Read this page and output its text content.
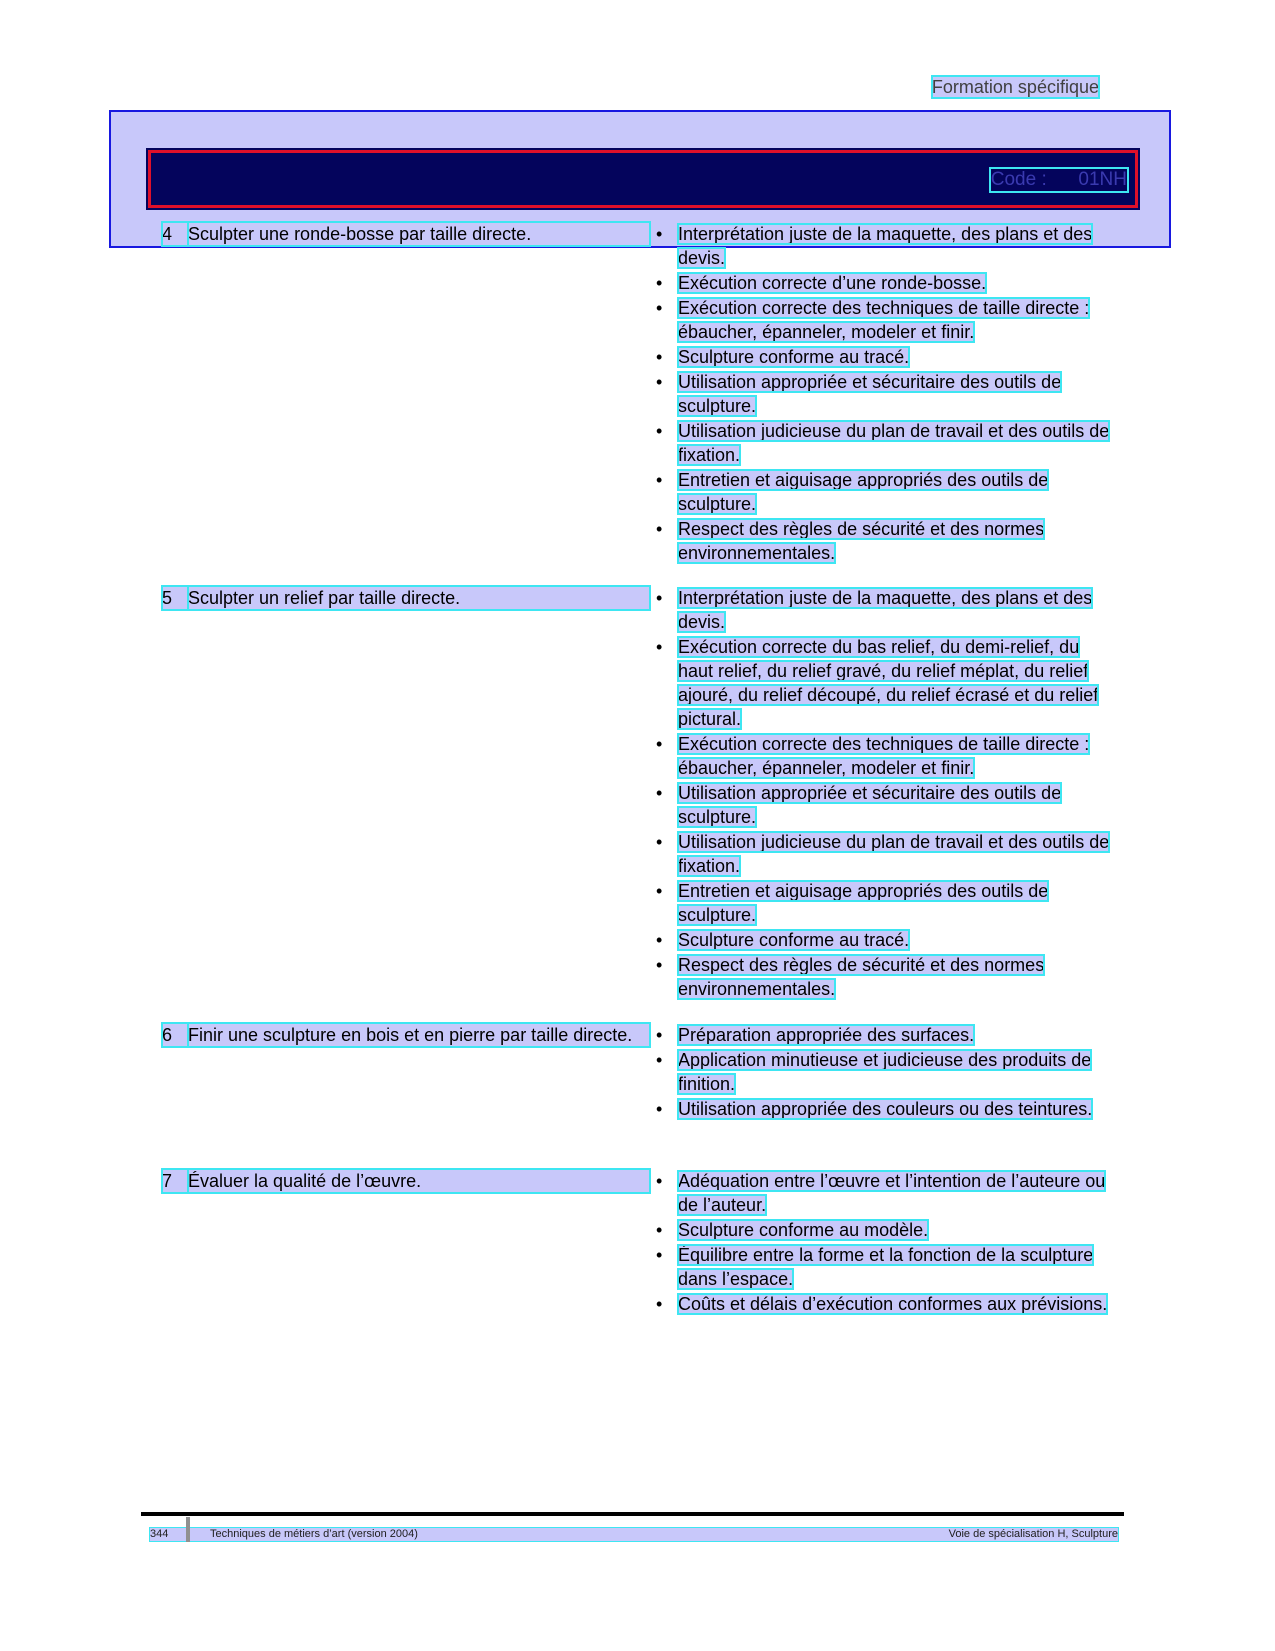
Formation spécifique
Code :      01NH
4 Sculpter une ronde-bosse par taille directe.	• Interprétation juste de la maquette, des plans et des devis.
• Exécution correcte d’une ronde-bosse.
• Exécution correcte des techniques de taille directe : ébaucher, épanneler, modeler et finir.
• Sculpture conforme au tracé.
• Utilisation appropriée et sécuritaire des outils de sculpture.
• Utilisation judicieuse du plan de travail et des outils de fixation.
• Entretien et aiguisage appropriés des outils de sculpture.
• Respect des règles de sécurité et des normes environnementales.
5 Sculpter un relief par taille directe.	• Interprétation juste de la maquette, des plans et des devis.
• Exécution correcte du bas relief, du demi-relief, du haut relief, du relief gravé, du relief méplat, du relief ajouré, du relief découpé, du relief écrasé et du relief pictural.
• Exécution correcte des techniques de taille directe : ébaucher, épanneler, modeler et finir.
• Utilisation appropriée et sécuritaire des outils de sculpture.
• Utilisation judicieuse du plan de travail et des outils de fixation.
• Entretien et aiguisage appropriés des outils de sculpture.
• Sculpture conforme au tracé.
• Respect des règles de sécurité et des normes environnementales.
6 Finir une sculpture en bois et en pierre par taille directe.	• Préparation appropriée des surfaces.
• Application minutieuse et judicieuse des produits de finition.
• Utilisation appropriée des couleurs ou des teintures.
7 Évaluer la qualité de l’œuvre.	• Adéquation entre l’œuvre et l’intention de l’auteure ou de l’auteur.
• Sculpture conforme au modèle.
• Équilibre entre la forme et la fonction de la sculpture dans l’espace.
• Coûts et délais d’exécution conformes aux prévisions.
344	Techniques de métiers d’art (version 2004)	Voie de spécialisation H, Sculpture
